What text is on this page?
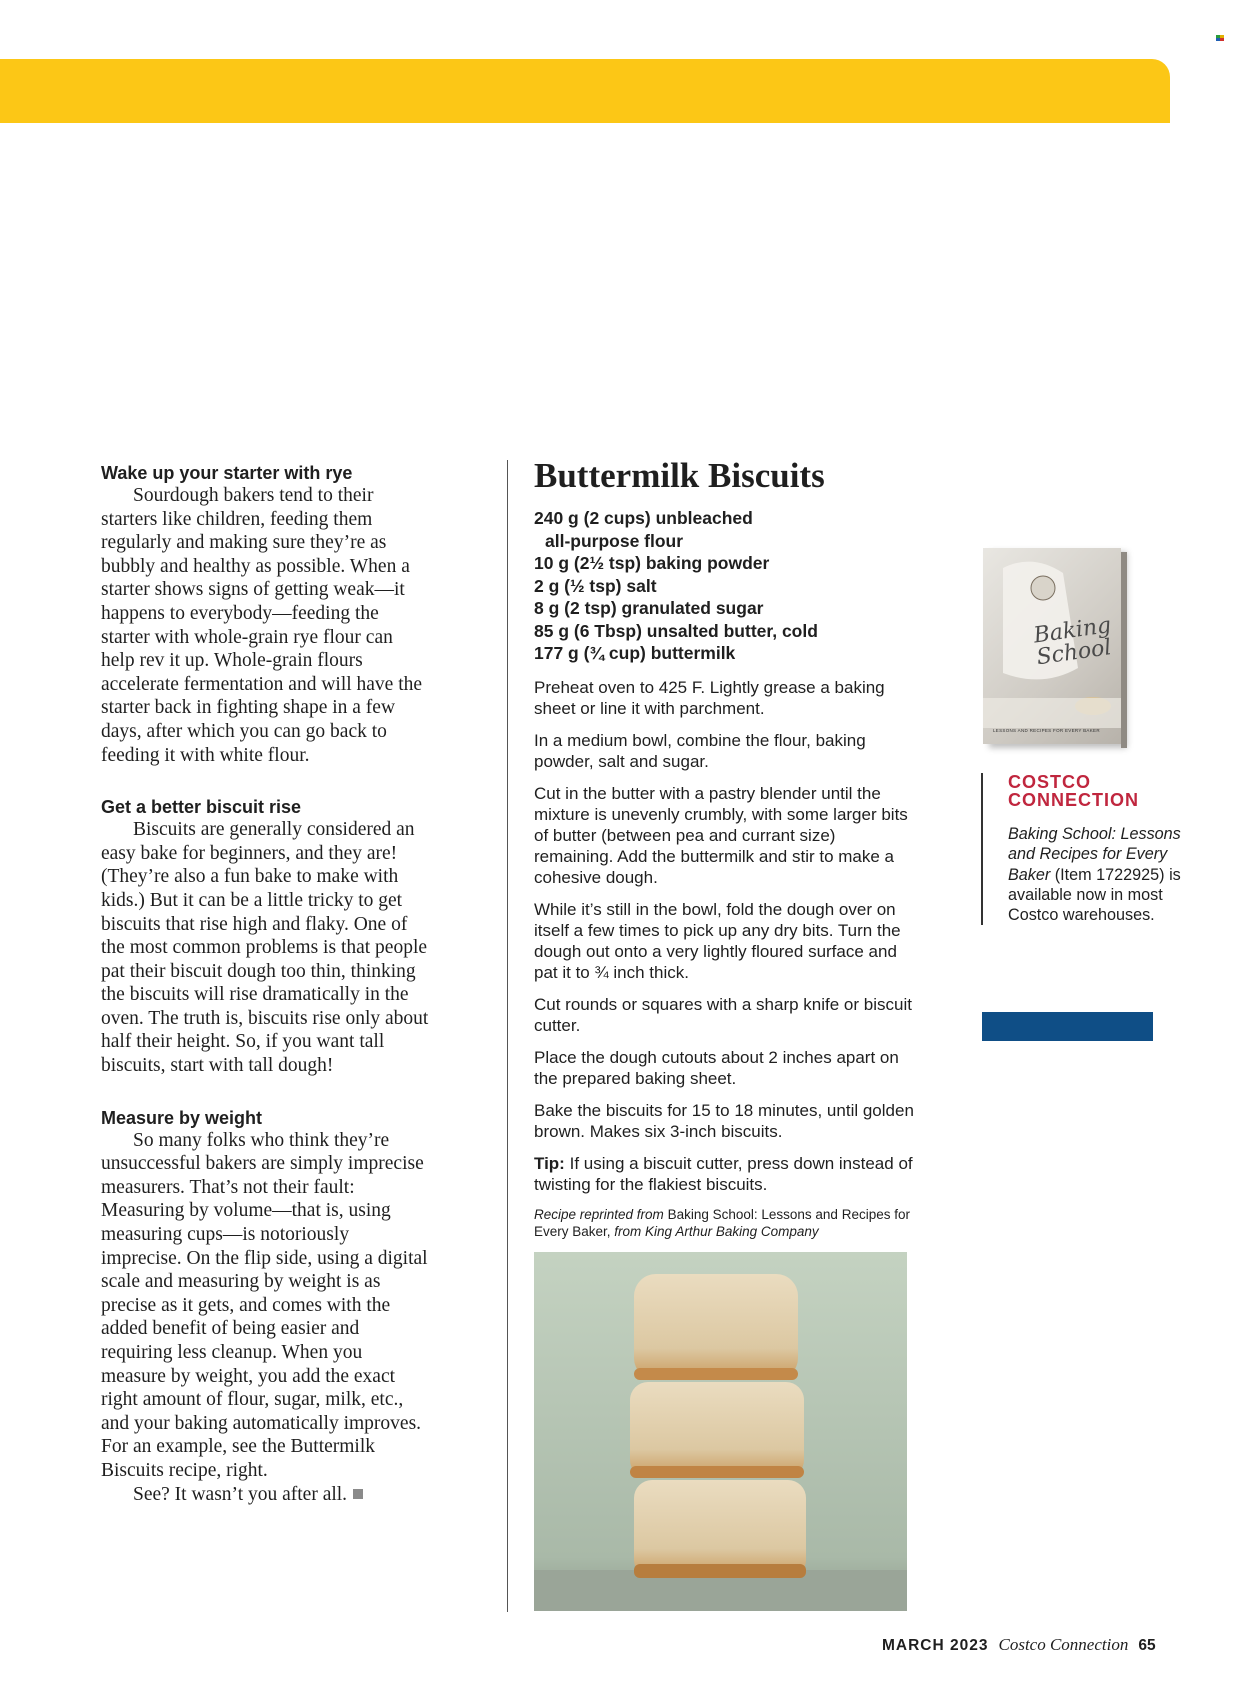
Wake up your starter with rye

Sourdough bakers tend to their starters like children, feeding them regularly and making sure they’re as bubbly and healthy as possible. When a starter shows signs of getting weak—it happens to everybody—feeding the starter with whole-grain rye flour can help rev it up. Whole-grain flours accelerate fermentation and will have the starter back in fighting shape in a few days, after which you can go back to feeding it with white flour.

Get a better biscuit rise

Biscuits are generally considered an easy bake for beginners, and they are! (They’re also a fun bake to make with kids.) But it can be a little tricky to get biscuits that rise high and flaky. One of the most common problems is that people pat their biscuit dough too thin, thinking the biscuits will rise dramatically in the oven. The truth is, biscuits rise only about half their height. So, if you want tall biscuits, start with tall dough!

Measure by weight

So many folks who think they’re unsuccessful bakers are simply imprecise measurers. That’s not their fault: Measuring by volume—that is, using measuring cups—is notoriously imprecise. On the flip side, using a digital scale and measuring by weight is as precise as it gets, and comes with the added benefit of being easier and requiring less cleanup. When you measure by weight, you add the exact right amount of flour, sugar, milk, etc., and your baking automatically improves. For an example, see the Buttermilk Biscuits recipe, right.

See? It wasn’t you after all.

Buttermilk Biscuits
240 g (2 cups) unbleached
all-purpose flour
10 g (2½ tsp) baking powder
2 g (½ tsp) salt
8 g (2 tsp) granulated sugar
85 g (6 Tbsp) unsalted butter, cold
177 g (¾ cup) buttermilk

Preheat oven to 425 F. Lightly grease a baking sheet or line it with parchment.

In a medium bowl, combine the flour, baking powder, salt and sugar.

Cut in the butter with a pastry blender until the mixture is unevenly crumbly, with some larger bits of butter (between pea and currant size) remaining. Add the buttermilk and stir to make a cohesive dough.

While it’s still in the bowl, fold the dough over on itself a few times to pick up any dry bits. Turn the dough out onto a very lightly floured surface and pat it to ¾ inch thick.

Cut rounds or squares with a sharp knife or biscuit cutter.

Place the dough cutouts about 2 inches apart on the prepared baking sheet.

Bake the biscuits for 15 to 18 minutes, until golden brown. Makes six 3-inch biscuits.

Tip: If using a biscuit cutter, press down instead of twisting for the flakiest biscuits.

Recipe reprinted from Baking School: Lessons and Recipes for Every Baker, from King Arthur Baking Company

Baking School

LESSONS AND RECIPES FOR EVERY BAKER

COSTCO
CONNECTION

Baking School: Lessons and Recipes for Every Baker (Item 1722925) is available now in most Costco warehouses.

MARCH 2023 Costco Connection 65
